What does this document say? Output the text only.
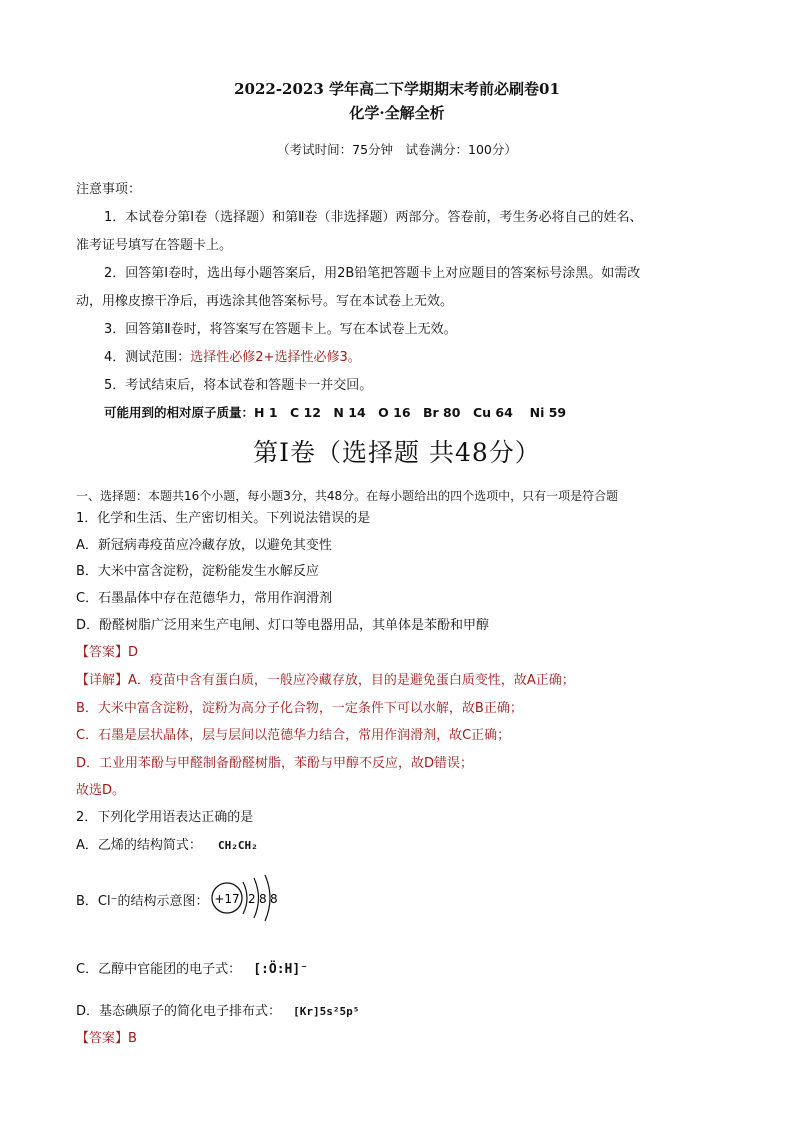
2022-2023 学年高二下学期期末考前必刷卷01
化学·全解全析
（考试时间：75分钟　试卷满分：100分）
注意事项：
1．本试卷分第Ⅰ卷（选择题）和第Ⅱ卷（非选择题）两部分。答卷前，考生务必将自己的姓名、
准考证号填写在答题卡上。
2．回答第Ⅰ卷时，选出每小题答案后，用2B铅笔把答题卡上对应题目的答案标号涂黑。如需改
动，用橡皮擦干净后，再选涂其他答案标号。写在本试卷上无效。
3．回答第Ⅱ卷时，将答案写在答题卡上。写在本试卷上无效。
4．测试范围：选择性必修2+选择性必修3。
5．考试结束后，将本试卷和答题卡一并交回。
可能用到的相对原子质量：H 1　C 12　N 14　O 16　Br 80　Cu 64　 Ni 59
第Ⅰ卷（选择题 共48分）
一、选择题：本题共16个小题，每小题3分，共48分。在每小题给出的四个选项中，只有一项是符合题
1．化学和生活、生产密切相关。下列说法错误的是
A．新冠病毒疫苗应冷藏存放，以避免其变性
B．大米中富含淀粉，淀粉能发生水解反应
C．石墨晶体中存在范德华力，常用作润滑剂
D．酚醛树脂广泛用来生产电闸、灯口等电器用品，其单体是苯酚和甲醇
【答案】D
【详解】A．疫苗中含有蛋白质，一般应冷藏存放，目的是避免蛋白质变性，故A正确；
B．大米中富含淀粉，淀粉为高分子化合物，一定条件下可以水解，故B正确；
C．石墨是层状晶体，层与层间以范德华力结合，常用作润滑剂，故C正确；
D．工业用苯酚与甲醛制备酚醛树脂，苯酚与甲醇不反应，故D错误；
故选D。
2．下列化学用语表达正确的是
A．乙烯的结构简式： CH₂CH₂
B．Cl⁻的结构示意图： +17 2 8 8
C．乙醇中官能团的电子式： [:Ö:H]⁻
D．基态碘原子的简化电子排布式： [Kr]5s²5p⁵
【答案】B
